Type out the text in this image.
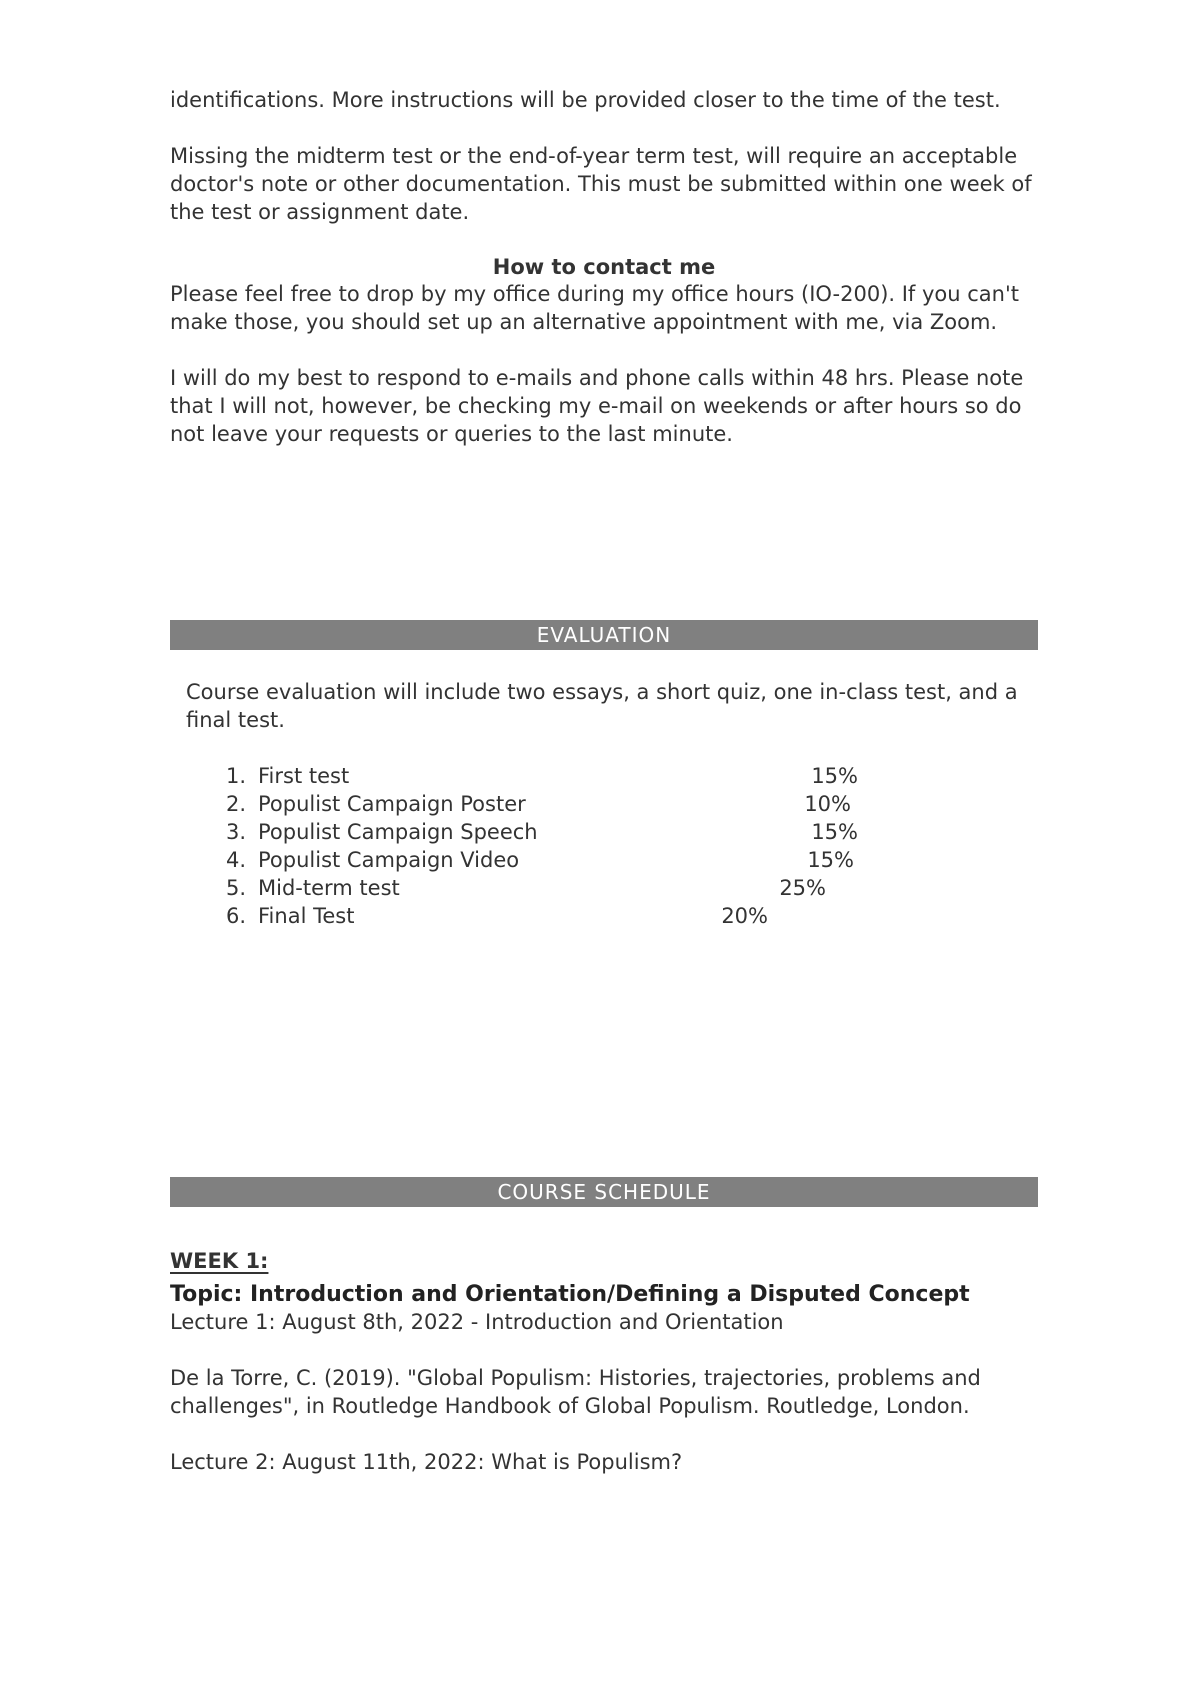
identifications. More instructions will be provided closer to the time of the test.

Missing the midterm test or the end-of-year term test, will require an acceptable doctor's note or other documentation. This must be submitted within one week of the test or assignment date.

How to contact me

Please feel free to drop by my office during my office hours (IO-200). If you can't make those, you should set up an alternative appointment with me, via Zoom.

I will do my best to respond to e-mails and phone calls within 48 hrs. Please note that I will not, however, be checking my e-mail on weekends or after hours so do not leave your requests or queries to the last minute.

EVALUATION

Course evaluation will include two essays, a short quiz, one in-class test, and a final test.

1. First test	15%
2. Populist Campaign Poster	10%
3. Populist Campaign Speech	15%
4. Populist Campaign Video	15%
5. Mid-term test	25%
6. Final Test	20%
COURSE SCHEDULE
WEEK 1:

Topic: Introduction and Orientation/Defining a Disputed Concept

Lecture 1: August 8th, 2022 - Introduction and Orientation

De la Torre, C. (2019). "Global Populism: Histories, trajectories, problems and challenges", in Routledge Handbook of Global Populism. Routledge, London.

Lecture 2: August 11th, 2022: What is Populism?
